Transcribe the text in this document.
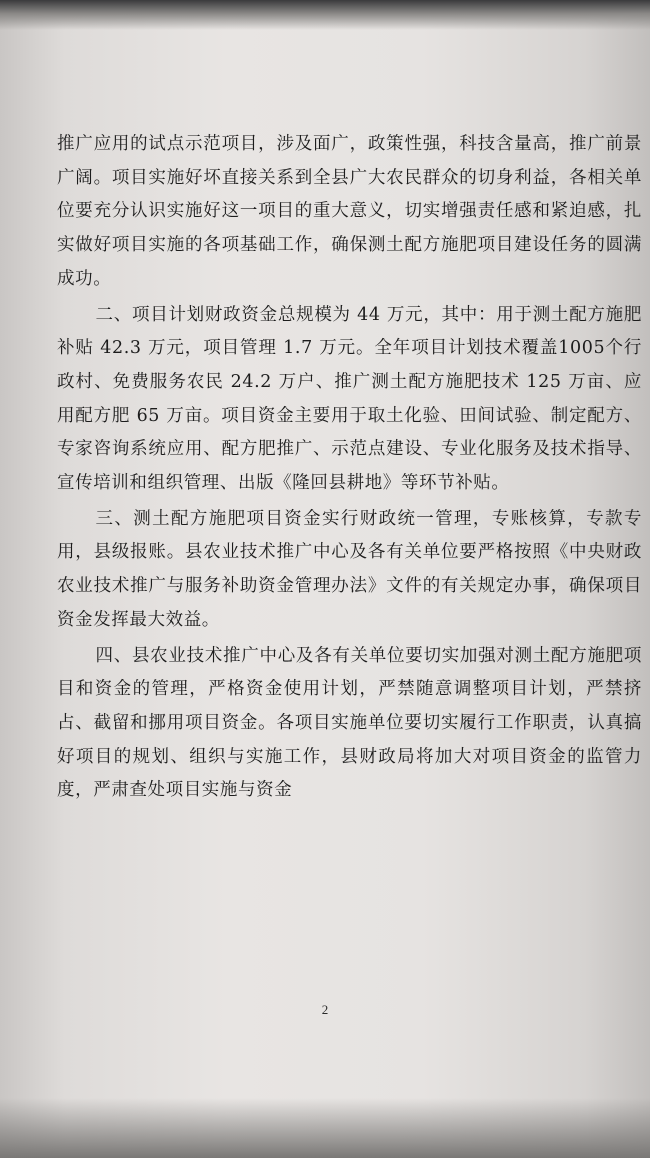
推广应用的试点示范项目，涉及面广，政策性强，科技含量高，推广前景广阔。项目实施好坏直接关系到全县广大农民群众的切身利益，各相关单位要充分认识实施好这一项目的重大意义，切实增强责任感和紧迫感，扎实做好项目实施的各项基础工作，确保测土配方施肥项目建设任务的圆满成功。

二、项目计划财政资金总规模为 44 万元，其中：用于测土配方施肥补贴 42.3 万元，项目管理 1.7 万元。全年项目计划技术覆盖1005个行政村、免费服务农民 24.2 万户、推广测土配方施肥技术 125 万亩、应用配方肥 65 万亩。项目资金主要用于取土化验、田间试验、制定配方、专家咨询系统应用、配方肥推广、示范点建设、专业化服务及技术指导、宣传培训和组织管理、出版《隆回县耕地》等环节补贴。

三、测土配方施肥项目资金实行财政统一管理，专账核算，专款专用，县级报账。县农业技术推广中心及各有关单位要严格按照《中央财政农业技术推广与服务补助资金管理办法》文件的有关规定办事，确保项目资金发挥最大效益。

四、县农业技术推广中心及各有关单位要切实加强对测土配方施肥项目和资金的管理，严格资金使用计划，严禁随意调整项目计划，严禁挤占、截留和挪用项目资金。各项目实施单位要切实履行工作职责，认真搞好项目的规划、组织与实施工作，县财政局将加大对项目资金的监管力度，严肃查处项目实施与资金

2
